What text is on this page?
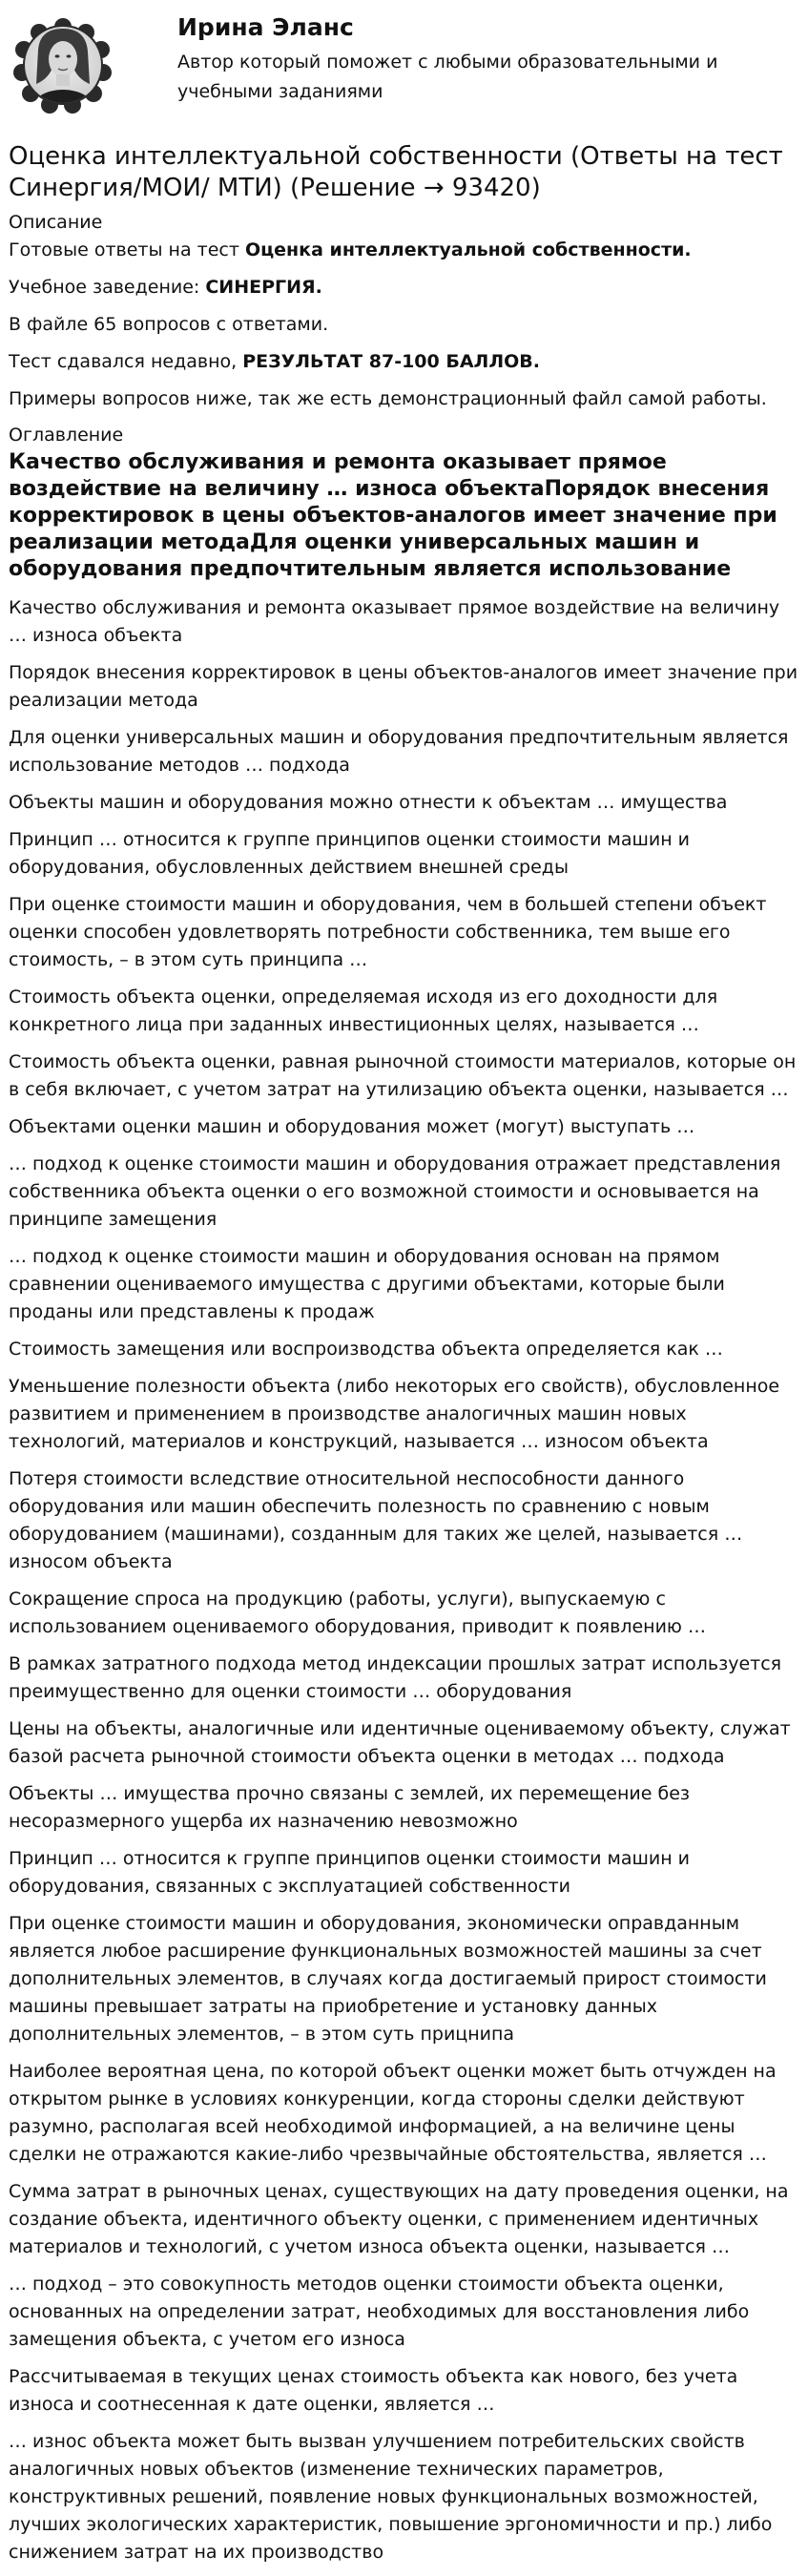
Ирина Эланс
Автор который поможет с любыми образовательными и учебными заданиями
Оценка интеллектуальной собственности (Ответы на тест Синергия/МОИ/ МТИ) (Решение → 93420)
Описание

Готовые ответы на тест Оценка интеллектуальной собственности.

Учебное заведение: СИНЕРГИЯ.

В файле 65 вопросов с ответами.

Тест сдавался недавно, РЕЗУЛЬТАТ 87-100 БАЛЛОВ.

Примеры вопросов ниже, так же есть демонстрационный файл самой работы.

Оглавление
Качество обслуживания и ремонта оказывает прямое воздействие на величину … износа объектаПорядок внесения корректировок в цены объектов-аналогов имеет значение при реализации методаДля оценки универсальных машин и оборудования предпочтительным является использование

Качество обслуживания и ремонта оказывает прямое воздействие на величину … износа объекта

Порядок внесения корректировок в цены объектов-аналогов имеет значение при реализации метода

Для оценки универсальных машин и оборудования предпочтительным является использование методов … подхода

Объекты машин и оборудования можно отнести к объектам … имущества

Принцип … относится к группе принципов оценки стоимости машин и оборудования, обусловленных действием внешней среды

При оценке стоимости машин и оборудования, чем в большей степени объект оценки способен удовлетворять потребности собственника, тем выше его стоимость, – в этом суть принципа …

Стоимость объекта оценки, определяемая исходя из его доходности для конкретного лица при заданных инвестиционных целях, называется …

Стоимость объекта оценки, равная рыночной стоимости материалов, которые он в себя включает, с учетом затрат на утилизацию объекта оценки, называется …

Объектами оценки машин и оборудования может (могут) выступать …

… подход к оценке стоимости машин и оборудования отражает представления собственника объекта оценки о его возможной стоимости и основывается на принципе замещения

… подход к оценке стоимости машин и оборудования основан на прямом сравнении оцениваемого имущества с другими объектами, которые были проданы или представлены к продаж

Стоимость замещения или воспроизводства объекта определяется как …

Уменьшение полезности объекта (либо некоторых его свойств), обусловленное развитием и применением в производстве аналогичных машин новых технологий, материалов и конструкций, называется … износом объекта

Потеря стоимости вследствие относительной неспособности данного оборудования или машин обеспечить полезность по сравнению с новым оборудованием (машинами), созданным для таких же целей, называется … износом объекта

Сокращение спроса на продукцию (работы, услуги), выпускаемую с использованием оцениваемого оборудования, приводит к появлению …

В рамках затратного подхода метод индексации прошлых затрат используется преимущественно для оценки стоимости … оборудования

Цены на объекты, аналогичные или идентичные оцениваемому объекту, служат базой расчета рыночной стоимости объекта оценки в методах … подхода

Объекты … имущества прочно связаны с землей, их перемещение без несоразмерного ущерба их назначению невозможно

Принцип … относится к группе принципов оценки стоимости машин и оборудования, связанных с эксплуатацией собственности

При оценке стоимости машин и оборудования, экономически оправданным является любое расширение функциональных возможностей машины за счет дополнительных элементов, в случаях когда достигаемый прирост стоимости машины превышает затраты на приобретение и установку данных дополнительных элементов, – в этом суть прицнипа

Наиболее вероятная цена, по которой объект оценки может быть отчужден на открытом рынке в условиях конкуренции, когда стороны сделки действуют разумно, располагая всей необходимой информацией, а на величине цены сделки не отражаются какие-либо чрезвычайные обстоятельства, является …

Сумма затрат в рыночных ценах, существующих на дату проведения оценки, на создание объекта, идентичного объекту оценки, с применением идентичных материалов и технологий, с учетом износа объекта оценки, называется …

… подход – это совокупность методов оценки стоимости объекта оценки, основанных на определении затрат, необходимых для восстановления либо замещения объекта, с учетом его износа

Рассчитываемая в текущих ценах стоимость объекта как нового, без учета износа и соотнесенная к дате оценки, является …

… износ объекта может быть вызван улучшением потребительских свойств аналогичных новых объектов (изменение технических параметров, конструктивных решений, появление новых функциональных возможностей, лучших экологических характеристик, повышение эргономичности и пр.) либо снижением затрат на их производство
